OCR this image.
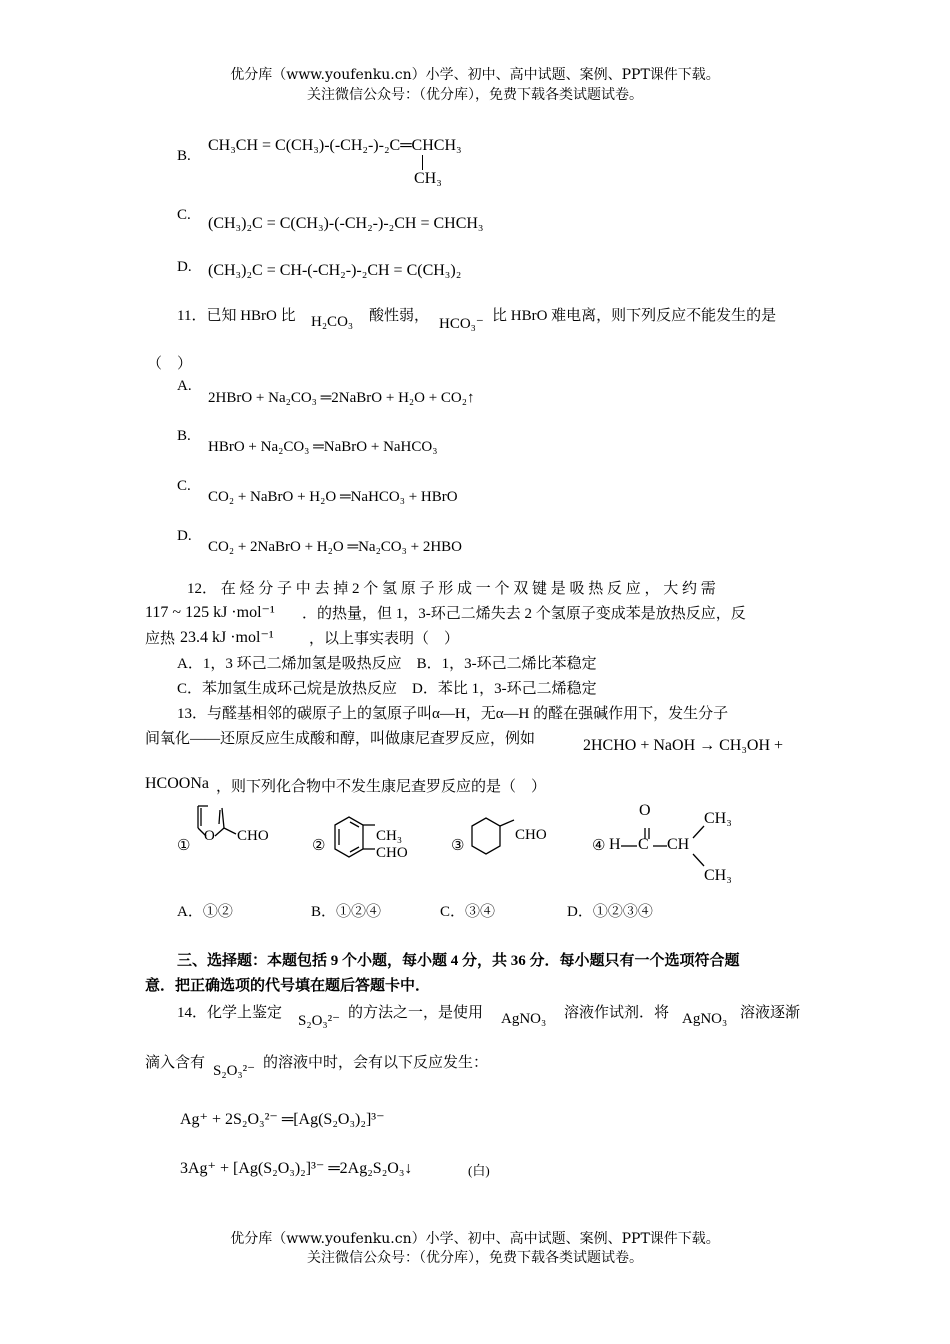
优分库（www.youfenku.cn）小学、初中、高中试题、案例、PPT课件下载。
关注微信公众号：（优分库），免费下载各类试题试卷。
B.
CH₃CH = C(CH₃)-(-CH₂-)-₂C═CHCH₃
CH₃
C. (CH₃)₂C = C(CH₃)-(-CH₂-)-₂CH = CHCH₃
D. (CH₃)₂C = CH-(-CH₂-)-₂CH = C(CH₃)₂
11．已知 HBrO 比 H₂CO₃ 酸性弱， HCO₃⁻ 比 HBrO 难电离，则下列反应不能发生的是
（　）
A.
2HBrO + Na₂CO₃ ═2NaBrO + H₂O + CO₂↑
B.
HBrO + Na₂CO₃ ═NaBrO + NaHCO₃
C.
CO₂ + NaBrO + H₂O ═NaHCO₃ + HBrO
D.
CO₂ + 2NaBrO + H₂O ═Na₂CO₃ + 2HBO
12． 在 烃 分 子 中 去 掉 2 个 氢 原 子 形 成 一 个 双 键 是 吸 热 反 应 ， 大 约 需
117 ~ 125 kJ ·mol⁻¹ ．的热量，但 1，3-环己二烯失去 2 个氢原子变成苯是放热反应，反
应热 23.4 kJ ·mol⁻¹ ，以上事实表明（　）
A．1，3 环己二烯加氢是吸热反应　B．1，3-环己二烯比苯稳定
C．苯加氢生成环己烷是放热反应　D．苯比 1，3-环己二烯稳定
13．与醛基相邻的碳原子上的氢原子叫α—H，无α—H 的醛在强碱作用下，发生分子
间氧化——还原反应生成酸和醇，叫做康尼查罗反应，例如	2HCHO + NaOH → CH₃OH +
HCOONa ，则下列化合物中不发生康尼查罗反应的是（　）
①
O CHO
②
CH₃
CHO	③
CHO
④ H C
O
CH
CH₃
CH₃
A．①②	B．①②④	C．③④	D．①②③④
三、选择题：本题包括 9 个小题，每小题 4 分，共 36 分．每小题只有一个选项符合题
意．把正确选项的代号填在题后答题卡中．
14．化学上鉴定 S₂O₃²⁻ 的方法之一，是使用 AgNO₃ 溶液作试剂．将 AgNO₃ 溶液逐渐
滴入含有 S₂O₃²⁻ 的溶液中时，会有以下反应发生：
Ag⁺ + 2S₂O₃²⁻ ═[Ag(S₂O₃)₂]³⁻
3Ag⁺ + [Ag(S₂O₃)₂]³⁻ ═2Ag₂S₂O₃↓	(白)
优分库（www.youfenku.cn）小学、初中、高中试题、案例、PPT课件下载。
关注微信公众号：（优分库），免费下载各类试题试卷。
